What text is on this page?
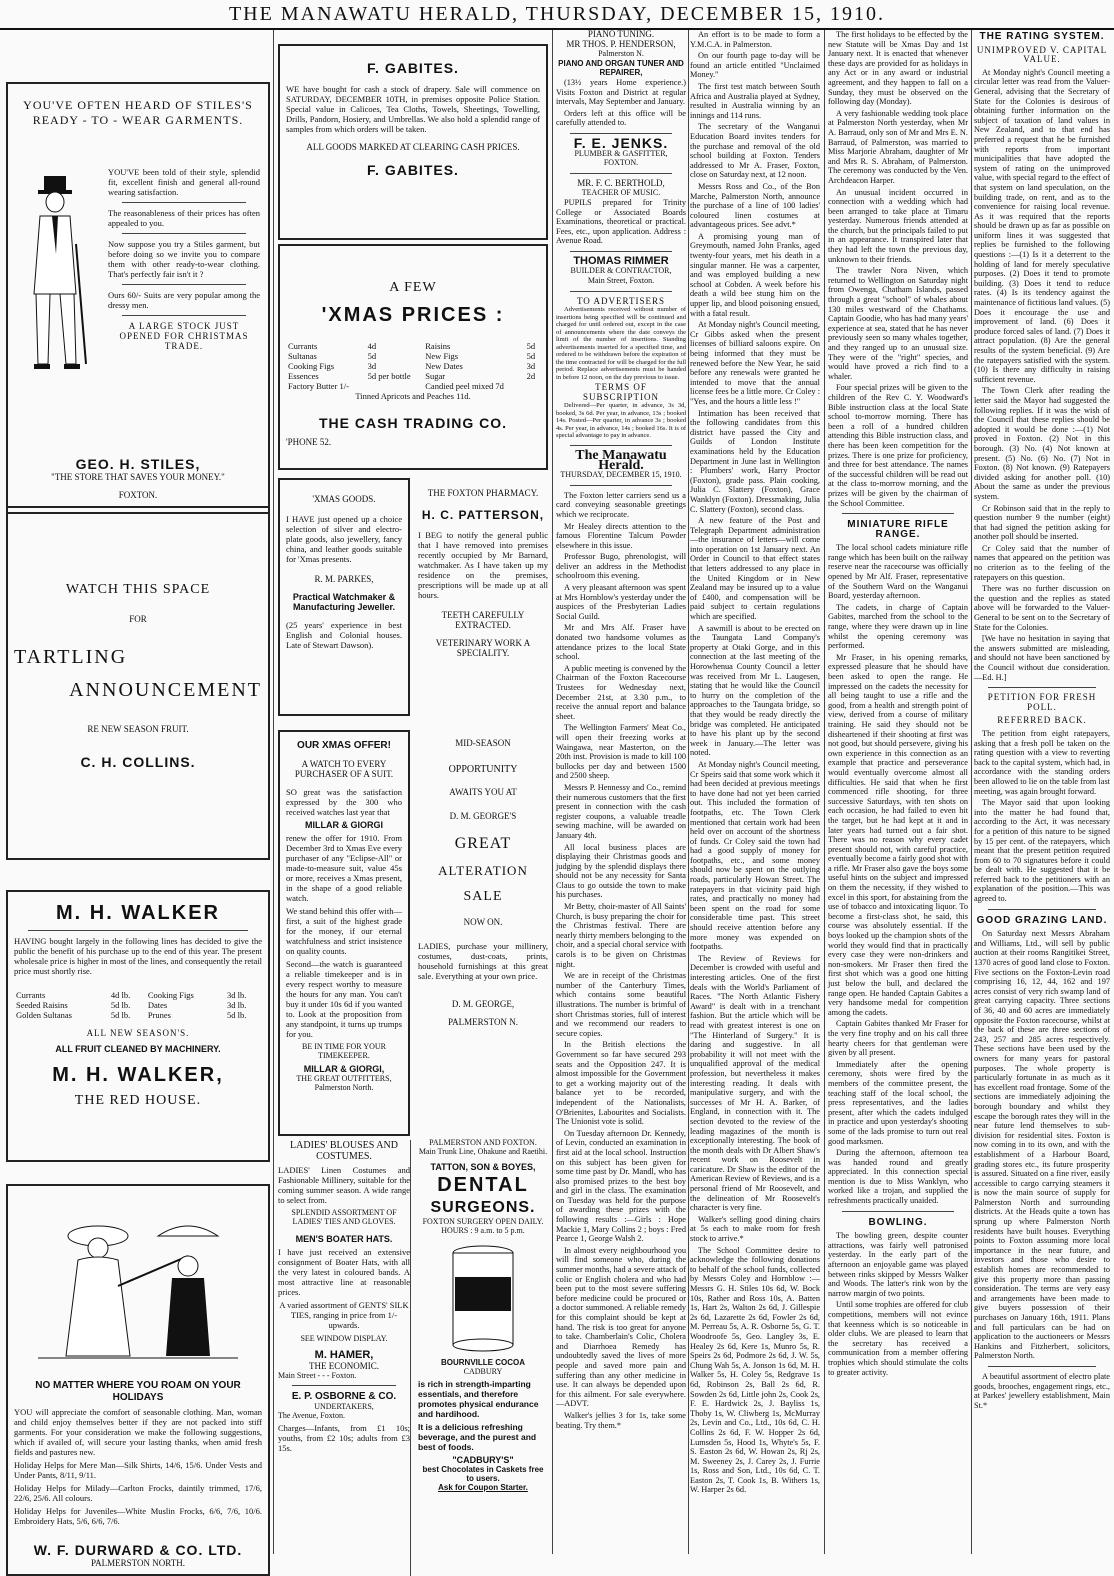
THE MANAWATU HERALD, THURSDAY, DECEMBER 15, 1910.
YOU'VE OFTEN HEARD OF STILES'S READY - TO - WEAR GARMENTS.

YOU'VE been told of their style, splendid fit, excellent finish and general all-round wearing satisfaction.

The reasonableness of their prices has often appealed to you.

Now suppose you try a Stiles garment, but before doing so we invite you to compare them with other ready-to-wear clothing. That's perfectly fair isn't it ?

Ours 60/- Suits are very popular among the dressy men.

A LARGE STOCK JUST OPENED FOR CHRISTMAS TRADE.

GEO. H. STILES,
"THE STORE THAT SAVES YOUR MONEY."
FOXTON.
WATCH THIS SPACE
FOR
TARTLING
ANNOUNCEMENT
RE NEW SEASON FRUIT.
C. H. COLLINS.
M. H. WALKER

HAVING bought largely in the following lines has decided to give the public the benefit of his purchase up to the end of this year. The present wholesale price is higher in most of the lines, and consequently the retail price must shortly rise.

Currants	4d lb.	Cooking Figs	3d lb.
Seeded Raisins	5d lb.	Dates	3d lb.
Golden Sultanas	5d lb.	Prunes	5d lb.
ALL NEW SEASON'S.
ALL FRUIT CLEANED BY MACHINERY.
M. H. WALKER,
THE RED HOUSE.
NO MATTER WHERE YOU ROAM ON YOUR HOLIDAYS

YOU will appreciate the comfort of seasonable clothing. Man, woman and child enjoy themselves better if they are not packed into stiff garments. For your consideration we make the following suggestions, which if availed of, will secure your lasting thanks, when amid fresh fields and pastures new.

Holiday Helps for Mere Man—Silk Shirts, 14/6, 15/6. Under Vests and Under Pants, 8/11, 9/11.

Holiday Helps for Milady—Carlton Frocks, daintily trimmed, 17/6, 22/6, 25/6. All colours.

Holiday Helps for Juveniles—White Muslin Frocks, 6/6, 7/6, 10/6. Embroidery Hats, 5/6, 6/6, 7/6.

W. F. DURWARD & CO. LTD.
PALMERSTON NORTH.
F. GABITES.

WE have bought for cash a stock of drapery. Sale will commence on SATURDAY, DECEMBER 10TH, in premises opposite Police Station. Special value in Calicoes, Tea Cloths, Towels, Sheetings, Towelling, Drills, Pandorn, Hosiery, and Umbrellas. We also hold a splendid range of samples from which orders will be taken.

ALL GOODS MARKED AT CLEARING CASH PRICES.
F. GABITES.
A FEW
'XMAS PRICES :
Currants	4d	Raisins	5d
Sultanas	5d	New Figs	5d
Cooking Figs	3d	New Dates	3d
Essences	5d per bottle	Sugar	2d
Factory Butter 1/-		Candied peel mixed 7d	
Tinned Apricots and Peaches 11d.
THE CASH TRADING CO.
'PHONE 52.
'XMAS GOODS.

I HAVE just opened up a choice selection of silver and electro-plate goods, also jewellery, fancy china, and leather goods suitable for 'Xmas presents.

R. M. PARKES,
Practical Watchmaker & Manufacturing Jeweller.

(25 years' experience in best English and Colonial houses. Late of Stewart Dawson).

THE FOXTON PHARMACY.
H. C. PATTERSON,

I BEG to notify the general public that I have removed into premises recently occupied by Mr Barnard, watchmaker. As I have taken up my residence on the premises, prescriptions will be made up at all hours.

TEETH CAREFULLY EXTRACTED.
VETERINARY WORK A SPECIALITY.
OUR XMAS OFFER!
A WATCH TO EVERY PURCHASER OF A SUIT.

SO great was the satisfaction expressed by the 300 who received watches last year that

MILLAR & GIORGI

renew the offer for 1910. From December 3rd to Xmas Eve every purchaser of any "Eclipse-All" or made-to-measure suit, value 45s or more, receives a Xmas present, in the shape of a good reliable watch.

We stand behind this offer with—first, a suit of the highest grade for the money, if our eternal watchfulness and strict insistence on quality counts.

Second—the watch is guaranteed a reliable timekeeper and is in every respect worthy to measure the hours for any man. You can't buy it under 10s 6d if you wanted to. Look at the proposition from any standpoint, it turns up trumps for you.

BE IN TIME FOR YOUR TIMEKEEPER.
MILLAR & GIORGI,
THE GREAT OUTFITTERS,
Palmerston North.
MID-SEASON
OPPORTUNITY
AWAITS YOU AT
D. M. GEORGE'S
GREAT
ALTERATION
SALE
NOW ON.

LADIES, purchase your millinery, costumes, dust-coats, prints, household furnishings at this great sale. Everything at your own price.

D. M. GEORGE,
PALMERSTON N.
LADIES' BLOUSES AND COSTUMES.

LADIES' Linen Costumes and Fashionable Millinery, suitable for the coming summer season. A wide range to select from.

SPLENDID ASSORTMENT OF LADIES' TIES AND GLOVES.
MEN'S BOATER HATS.

I have just received an extensive consignment of Boater Hats, with all the very latest in coloured bands. A most attractive line at reasonable prices.

A varied assortment of GENTS' SILK TIES, ranging in price from 1/- upwards.

SEE WINDOW DISPLAY.
M. HAMER,
THE ECONOMIC.
Main Street - - - Foxton.
E. P. OSBORNE & CO.
UNDERTAKERS,
The Avenue, Foxton.

Charges—Infants, from £1 10s; youths, from £2 10s; adults from £3 15s.

PALMERSTON AND FOXTON.
Main Trunk Line, Ohakune and Raetihi.
TATTON, SON & BOYES,
DENTAL
SURGEONS.
FOXTON SURGERY OPEN DAILY.
HOURS : 9 a.m. to 5 p.m.
BOURNVILLE COCOA
CADBURY

is rich in strength-imparting essentials, and therefore promotes physical endurance and hardihood.

It is a delicious refreshing beverage, and the purest and best of foods.

"CADBURY'S"
best Chocolates in Caskets free to users.
Ask for Coupon Starter.
PIANO TUNING.
MR THOS. P. HENDERSON,
Palmerston N.
PIANO AND ORGAN TUNER AND REPAIRER,

(13½ years Home experience.) Visits Foxton and District at regular intervals, May September and January.

Orders left at this office will be carefully attended to.

F. E. JENKS.
PLUMBER & GASFITTER,
FOXTON.
MR. F. C. BERTHOLD,
TEACHER OF MUSIC.

PUPILS prepared for Trinity College or Associated Boards Examinations, theoretical or practical. Fees, etc., upon application. Address : Avenue Road.

THOMAS RIMMER
BUILDER & CONTRACTOR,
Main Street, Foxton.
TO ADVERTISERS

Advertisements received without number of insertions being specified will be continued and charged for until ordered out, except in the case of announcements where the date conveys the limit of the number of insertions. Standing advertisements inserted for a specified time, and ordered to be withdrawn before the expiration of the time contracted for will be charged for the full period. Replace advertisements must be handed in before 12 noon, on the day previous to issue.

TERMS OF SUBSCRIPTION

Delivered—Per quarter, in advance, 3s 3d, booked, 3s 6d. Per year, in advance, 13s ; booked 14s. Posted—Per quarter, in advance 3s ; booked 4s. Per year, in advance, 14s ; booked 16s. It is of special advantage to pay in advance.

The Manawatu Herald.
THURSDAY, DECEMBER 15, 1910.

The Foxton letter carriers send us a card conveying seasonable greetings which we reciprocate.

Mr Healey directs attention to the famous Florentine Talcum Powder elsewhere in this issue.

Professor Bugo, phrenologist, will deliver an address in the Methodist schoolroom this evening.

A very pleasant afternoon was spent at Mrs Hornblow's yesterday under the auspices of the Presbyterian Ladies Social Guild.

Mr and Mrs Alf. Fraser have donated two handsome volumes as attendance prizes to the local State school.

A public meeting is convened by the Chairman of the Foxton Racecourse Trustees for Wednesday next, December 21st, at 3.30 p.m., to receive the annual report and balance sheet.

The Wellington Farmers' Meat Co., will open their freezing works at Waingawa, near Masterton, on the 20th inst. Provision is made to kill 100 bullocks per day and between 1500 and 2500 sheep.

Messrs P. Hennessy and Co., remind their numerous customers that the first present in connection with the cash register coupons, a valuable treadle sewing machine, will be awarded on January 4th.

All local business places are displaying their Christmas goods and judging by the splendid displays there should not be any necessity for Santa Claus to go outside the town to make his purchases.

Mr Betty, choir-master of All Saints' Church, is busy preparing the choir for the Christmas festival. There are nearly thirty members belonging to the choir, and a special choral service with carols is to be given on Christmas night.

We are in receipt of the Christmas number of the Canterbury Times, which contains some beautiful illustrations. The number is brimful of short Christmas stories, full of interest and we recommend our readers to secure copies.

In the British elections the Government so far have secured 293 seats and the Opposition 247. It is almost impossible for the Government to get a working majority out of the balance yet to be recorded, independent of the Nationalists, O'Brienites, Labourites and Socialists. The Unionist vote is solid.

On Tuesday afternoon Dr. Kennedy, of Levin, conducted an examination in first aid at the local school. Instruction on this subject has been given for some time past by Dr. Mandl, who has also promised prizes to the best boy and girl in the class. The examination on Tuesday was held for the purpose of awarding these prizes with the following results :—Girls : Hope Mackie 1, Mary Collins 2 ; boys : Fred Pearce 1, George Walsh 2.

In almost every neighbourhood you will find someone who, during the summer months, had a severe attack of colic or English cholera and who had been put to the most severe suffering before medicine could be procured or a doctor summoned. A reliable remedy for this complaint should be kept at hand. The risk is too great for anyone to take. Chamberlain's Colic, Cholera and Diarrhoea Remedy has undoubtedly saved the lives of more people and saved more pain and suffering than any other medicine in use. It can always be depended upon for this ailment. For sale everywhere.—ADVT.

Walker's jellies 3 for 1s, take some beating. Try them.*

An effort is to be made to form a Y.M.C.A. in Palmerston.

On our fourth page to-day will be found an article entitled "Unclaimed Money."

The first test match between South Africa and Australia played at Sydney, resulted in Australia winning by an innings and 114 runs.

The secretary of the Wanganui Education Board invites tenders for the purchase and removal of the old school building at Foxton. Tenders addressed to Mr A. Fraser, Foxton, close on Saturday next, at 12 noon.

Messrs Ross and Co., of the Bon Marche, Palmerston North, announce the purchase of a line of 100 ladies' coloured linen costumes at advantageous prices. See advt.*

A promising young man of Greymouth, named John Franks, aged twenty-four years, met his death in a singular manner. He was a carpenter, and was employed building a new school at Cobden. A week before his death a wild bee stung him on the upper lip, and blood poisoning ensued, with a fatal result.

At Monday night's Council meeting, Cr Gibbs asked when the present licenses of billiard saloons expire. On being informed that they must be renewed before the New Year, he said before any renewals were granted he intended to move that the annual license fees be a little more. Cr Coley : "Yes, and the hours a little less !"

Intimation has been received that the following candidates from this district have passed the City and Guilds of London Institute examinations held by the Education Department in June last in Wellington : Plumbers' work, Harry Proctor (Foxton), grade pass. Plain cooking, Julia C. Slattery (Foxton), Grace Wanklyn (Foxton). Dressmaking, Julia C. Slattery (Foxton), second class.

A new feature of the Post and Telegraph Department administration—the insurance of letters—will come into operation on 1st January next. An Order in Council to that effect states that letters addressed to any place in the United Kingdom or in New Zealand may be insured up to a value of £400, and compensation will be paid subject to certain regulations which are specified.

A sawmill is about to be erected on the Taungata Land Company's property at Otaki Gorge, and in this connection at the last meeting of the Horowhenua County Council a letter was received from Mr L. Laugesen, stating that he would like the Council to hurry on the completion of the approaches to the Taungata bridge, so that they would be ready directly the bridge was completed. He anticipated to have his plant up by the second week in January.—The letter was noted.

At Monday night's Council meeting, Cr Speirs said that some work which it had been decided at previous meetings to have done had not yet been carried out. This included the formation of footpaths, etc. The Town Clerk mentioned that certain work had been held over on account of the shortness of funds. Cr Coley said the town had had a good supply of money for footpaths, etc., and some money should now be spent on the outlying roads, particularly Howan Street. The ratepayers in that vicinity paid high rates, and practically no money had been spent on the road for some considerable time past. This street should receive attention before any more money was expended on footpaths.

The Review of Reviews for December is crowded with useful and interesting articles. One of the first deals with the World's Parliament of Races. "The North Atlantic Fishery Award" is dealt with in a trenchant fashion. But the article which will be read with greatest interest is one on "The Hinterland of Surgery." It is daring and suggestive. In all probability it will not meet with the unqualified approval of the medical profession, but nevertheless it makes interesting reading. It deals with manipulative surgery, and with the successes of Mr H. A. Barker, of England, in connection with it. The section devoted to the review of the leading magazines of the month is exceptionally interesting. The book of the month deals with Dr Albert Shaw's recent work on Roosevelt in caricature. Dr Shaw is the editor of the American Review of Reviews, and is a personal friend of Mr Roosevelt, and the delineation of Mr Roosevelt's character is very fine.

Walker's selling good dining chairs at 5s each to make room for fresh stock to arrive.*

The School Committee desire to acknowledge the following donations to behalf of the school funds, collected by Messrs Coley and Hornblow :—Messrs G. H. Stiles 10s 6d, W. Bock 10s, Rather and Ross 10s, A. Batten 1s, Hart 2s, Walton 2s 6d, J. Gillespie 2s 6d, Lazarette 2s 6d, Fowler 2s 6d, M. Perreau 5s, A. R. Osborne 5s, G. T. Woodroofe 5s, Geo. Langley 3s, E. Healey 2s 6d, Kere 1s, Munro 5s, R. Speirs 2s 6d, Podmore 2s 6d, J. W. 5s, Chung Wah 5s, A. Jonson 1s 6d, M. H. Walker 5s, H. Coley 5s, Redgrave 1s 6d, Robinson 2s, Ball 2s 6d, R. Sowden 2s 6d, Little john 2s, Cook 2s, F. E. Hardwick 2s, J. Bayliss 1s, Thoby 1s, W. Cliwberg 1s, McMurray 2s, Levin and Co., Ltd., 10s 6d, C. H. Collins 2s 6d, F. W. Hopper 2s 6d, Lumsden 5s, Hood 1s, Whyte's 5s, F. S. Easton 2s 6d, W. Howan 2s, Rj 2s, M. Sweeney 2s, J. Carey 2s, J. Furrie 1s, Ross and Son, Ltd., 10s 6d, C. T. Easton 2s, T. Cook 1s, B. Withers 1s, W. Harper 2s 6d.

The first holidays to be effected by the new Statute will be Xmas Day and 1st January next. It is enacted that whenever these days are provided for as holidays in any Act or in any award or industrial agreement, and they happen to fall on a Sunday, they must be observed on the following day (Monday).

A very fashionable wedding took place at Palmerston North yesterday, when Mr A. Barraud, only son of Mr and Mrs E. N. Barraud, of Palmerston, was married to Miss Marjorie Abraham, daughter of Mr and Mrs R. S. Abraham, of Palmerston. The ceremony was conducted by the Ven. Archdeacon Harper.

An unusual incident occurred in connection with a wedding which had been arranged to take place at Timaru yesterday. Numerous friends attended at the church, but the principals failed to put in an appearance. It transpired later that they had left the town the previous day, unknown to their friends.

The trawler Nora Niven, which returned to Wellington on Saturday night from Owenga, Chatham Islands, passed through a great "school" of whales about 130 miles westward of the Chathams. Captain Goodie, who has had many years' experience at sea, stated that he has never previously seen so many whales together, and they ranged up to an unusual size. They were of the "right" species, and would have proved a rich find to a whaler.

Four special prizes will be given to the children of the Rev C. Y. Woodward's Bible instruction class at the local State school to-morrow morning. There has been a roll of a hundred children attending this Bible instruction class, and there has been keen competition for the prizes. There is one prize for proficiency, and three for best attendance. The names of the successful children will be read out at the class to-morrow morning, and the prizes will be given by the chairman of the School Committee.

MINIATURE RIFLE RANGE.

The local school cadets miniature rifle range which has been built on the railway reserve near the racecourse was officially opened by Mr Alf. Fraser, representative of the Southern Ward on the Wanganui Board, yesterday afternoon.

The cadets, in charge of Captain Gabites, marched from the school to the range, where they were drawn up in line whilst the opening ceremony was performed.

Mr Fraser, in his opening remarks, expressed pleasure that he should have been asked to open the range. He impressed on the cadets the necessity for all being taught to use a rifle and the good, from a health and strength point of view, derived from a course of military training. He said they should not be disheartened if their shooting at first was not good, but should persevere, giving his own experience in this connection as an example that practice and perseverance would eventually overcome almost all difficulties. He said that when he first commenced rifle shooting, for three successive Saturdays, with ten shots on each occasion, he had failed to even hit the target, but he had kept at it and in later years had turned out a fair shot. There was no reason why every cadet present should not, with careful practice, eventually become a fairly good shot with a rifle. Mr Fraser also gave the boys some useful hints on the subject and impressed on them the necessity, if they wished to excel in this sport, for abstaining from the use of tobacco and intoxicating liquor. To become a first-class shot, he said, this course was absolutely essential. If the boys looked up the champion shots of the world they would find that in practically every case they were non-drinkers and non-smokers. Mr Fraser then fired the first shot which was a good one hitting just below the bull, and declared the range open. He handed Captain Gabites a very handsome medal for competition among the cadets.

Captain Gabites thanked Mr Fraser for the very fine trophy and on his call three hearty cheers for that gentleman were given by all present.

Immediately after the opening ceremony, shots were fired by the members of the committee present, the teaching staff of the local school, the press representatives, and the ladies present, after which the cadets indulged in practice and upon yesterday's shooting some of the lads promise to turn out real good marksmen.

During the afternoon, afternoon tea was handed round and greatly appreciated. In this connection special mention is due to Miss Wanklyn, who worked like a trojan, and supplied the refreshments practically unaided.

BOWLING.

The bowling green, despite counter attractions, was fairly well patronised yesterday. In the early part of the afternoon an enjoyable game was played between rinks skipped by Messrs Walker and Woods. The latter's rink won by the narrow margin of two points.

Until some trophies are offered for club competitions, members will not evince that keenness which is so noticeable in older clubs. We are pleased to learn that the secretary has received a communication from a member offering trophies which should stimulate the colts to greater activity.

THE RATING SYSTEM.
UNIMPROVED V. CAPITAL VALUE.

At Monday night's Council meeting a circular letter was read from the Valuer-General, advising that the Secretary of State for the Colonies is desirous of obtaining further information on the subject of taxation of land values in New Zealand, and to that end has preferred a request that he be furnished with reports from important municipalities that have adopted the system of rating on the unimproved value, with special regard to the effect of that system on land speculation, on the building trade, on rent, and as to the convenience for raising local revenue. As it was required that the reports should be drawn up as far as possible on uniform lines it was suggested that replies be furnished to the following questions :—(1) Is it a deterrent to the holding of land for merely speculative purposes. (2) Does it tend to promote building. (3) Does it tend to reduce rates. (4) Is its tendency against the maintenance of fictitious land values. (5) Does it encourage the use and improvement of land. (6) Does it produce forced sales of land. (7) Does it attract population. (8) Are the general results of the system beneficial. (9) Are the ratepayers satisfied with the system. (10) Is there any difficulty in raising sufficient revenue.

The Town Clerk after reading the letter said the Mayor had suggested the following replies. If it was the wish of the Council that these replies should be adopted it would be done :—(1) Not proved in Foxton. (2) Not in this borough. (3) No. (4) Not known at present. (5) No. (6) No. (7) Not in Foxton. (8) Not known. (9) Ratepayers divided asking for another poll. (10) About the same as under the previous system.

Cr Robinson said that in the reply to question number 9 the number (eight) that had signed the petition asking for another poll should be inserted.

Cr Coley said that the number of names that appeared on the petition was no criterion as to the feeling of the ratepayers on this question.

There was no further discussion on the question and the replies as stated above will be forwarded to the Valuer-General to be sent on to the Secretary of State for the Colonies.

[We have no hesitation in saying that the answers submitted are misleading, and should not have been sanctioned by the Council without due consideration.—Ed. H.]

PETITION FOR FRESH POLL.
REFERRED BACK.

The petition from eight ratepayers, asking that a fresh poll be taken on the rating question with a view to reverting back to the capital system, which had, in accordance with the standing orders been allowed to lie on the table from last meeting, was again brought forward.

The Mayor said that upon looking into the matter he had found that, according to the Act, it was necessary for a petition of this nature to be signed by 15 per cent. of the ratepayers, which meant that the present petition required from 60 to 70 signatures before it could be dealt with. He suggested that it be referred back to the petitioners with an explanation of the position.—This was agreed to.

GOOD GRAZING LAND.

On Saturday next Messrs Abraham and Williams, Ltd., will sell by public auction at their rooms Rangitikei Street, 1370 acres of good land close to Foxton. Five sections on the Foxton-Levin road comprising 16, 12, 44, 162 and 197 acres consist of very rich swamp land of great carrying capacity. Three sections of 36, 40 and 60 acres are immediately opposite the Foxton racecourse, whilst at the back of these are three sections of 243, 257 and 285 acres respectively. These sections have been used by the owners for many years for pastoral purposes. The whole property is particularly fortunate in as much as it has excellent road frontage. Some of the sections are immediately adjoining the borough boundary and whilst they escape the borough rates they will in the near future lend themselves to sub-division for residential sites. Foxton is now coming in to its own, and with the establishment of a Harbour Board, grading stores etc., its future prosperity is assured. Situated on a fine river, easily accessible to cargo carrying steamers it is now the main source of supply for Palmerston North and surrounding districts. At the Heads quite a town has sprung up where Palmerston North residents have built houses. Everything points to Foxton assuming more local importance in the near future, and investors and those who desire to establish homes are recommended to give this property more than passing consideration. The terms are very easy and arrangements have been made to give buyers possession of their purchases on January 16th, 1911. Plans and full particulars can be had on application to the auctioneers or Messrs Hankins and Fitzherbert, solicitors, Palmerston North.

A beautiful assortment of electro plate goods, brooches, engagement rings, etc., at Parkes' jewellery establishment, Main St.*
